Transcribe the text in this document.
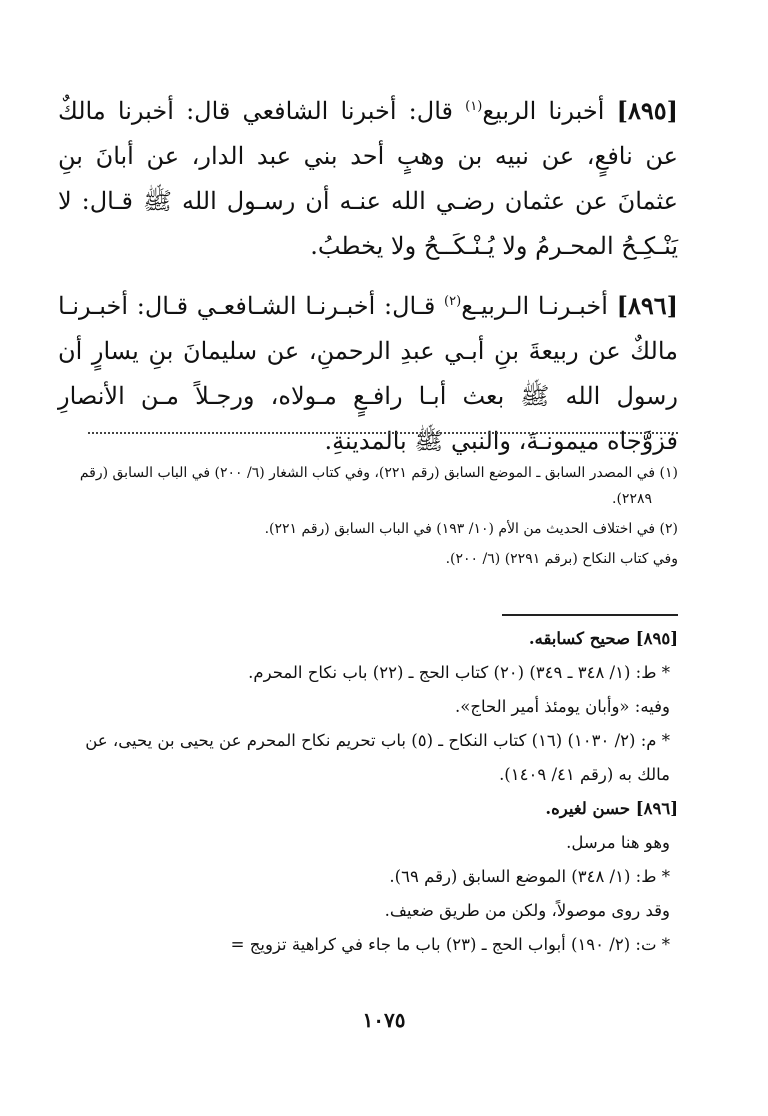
[٨٩٥] أخبرنا الربيع$^{(١)}$ قال: أخبرنا الشافعي قال: أخبرنا مالكٌ عن نافعٍ، عن نبيه بن وهبٍ أحد بني عبد الدار، عن أبانَ بنِ عثمانَ عن عثمان رضـي الله عنـه أن رسـول الله ﷺ قـال: لا يَنْـكِـحُ المحـرمُ ولا يُـنْـكَــحُ ولا يخطبُ.

[٨٩٦] أخبـرنـا الـربيـع$^{(٢)}$ قـال: أخبـرنـا الشـافعـي قـال: أخبـرنـا مالكٌ عن ربيعةَ بنِ أبـي عبدِ الرحمنِ، عن سليمانَ بنِ يسارٍ أن رسول الله ﷺ بعث أبـا رافـعٍ مـولاه، ورجـلاً مـن الأنصارِ فزوَّجاه ميمونـةَ، والنبي ﷺ بالمدينةِ.

(١) في المصدر السابق ـ الموضع السابق (رقم ٢٢١)، وفي كتاب الشغار (٦/ ٢٠٠) في الباب السابق (رقم ٢٢٨٩).

(٢) في اختلاف الحديث من الأم (١٠/ ١٩٣) في الباب السابق (رقم ٢٢١).

وفي كتاب النكاح (برقم ٢٢٩١) (٦/ ٢٠٠).

[٨٩٥] صحيح كسابقه.

* ط: (١/ ٣٤٨ ـ ٣٤٩) (٢٠) كتاب الحج ـ (٢٢) باب نكاح المحرم.

وفيه: «وأبان يومئذ أمير الحاج».

* م: (٢/ ١٠٣٠) (١٦) كتاب النكاح ـ (٥) باب تحريم نكاح المحرم عن يحيى بن يحيى، عن مالك به (رقم ٤١/ ١٤٠٩).

[٨٩٦] حسن لغيره.

وهو هنا مرسل.

* ط: (١/ ٣٤٨) الموضع السابق (رقم ٦٩).

وقد روى موصولاً، ولكن من طريق ضعيف.

* ت: (٢/ ١٩٠) أبواب الحج ـ (٢٣) باب ما جاء في كراهية تزويج =

١٠٧٥
